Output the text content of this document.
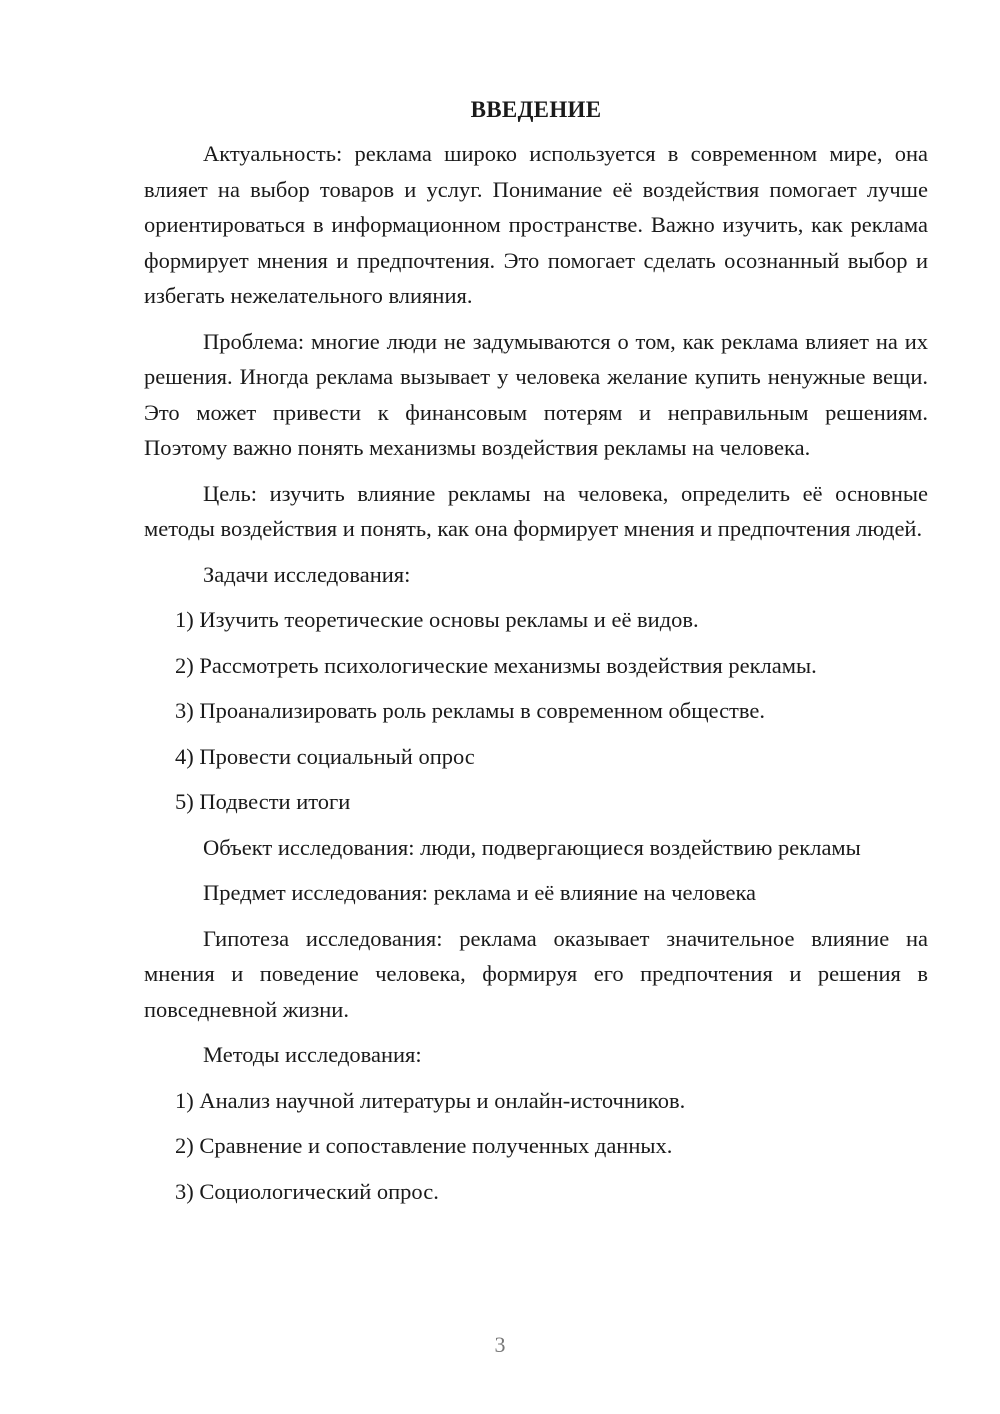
ВВЕДЕНИЕ

Актуальность: реклама широко используется в современном мире, она влияет на выбор товаров и услуг. Понимание её воздействия помогает лучше ориентироваться в информационном пространстве. Важно изучить, как реклама формирует мнения и предпочтения. Это помогает сделать осознанный выбор и избегать нежелательного влияния.

Проблема: многие люди не задумываются о том, как реклама влияет на их решения. Иногда реклама вызывает у человека желание купить ненужные вещи. Это может привести к финансовым потерям и неправильным решениям. Поэтому важно понять механизмы воздействия рекламы на человека.

Цель: изучить влияние рекламы на человека, определить её основные методы воздействия и понять, как она формирует мнения и предпочтения людей.

Задачи исследования:

1) Изучить теоретические основы рекламы и её видов.

2) Рассмотреть психологические механизмы воздействия рекламы.

3) Проанализировать роль рекламы в современном обществе.

4) Провести социальный опрос

5) Подвести итоги

Объект исследования: люди, подвергающиеся воздействию рекламы

Предмет исследования: реклама и её влияние на человека

Гипотеза исследования: реклама оказывает значительное влияние на мнения и поведение человека, формируя его предпочтения и решения в повседневной жизни.

Методы исследования:

1) Анализ научной литературы и онлайн-источников.

2) Сравнение и сопоставление полученных данных.

3) Социологический опрос.

3
